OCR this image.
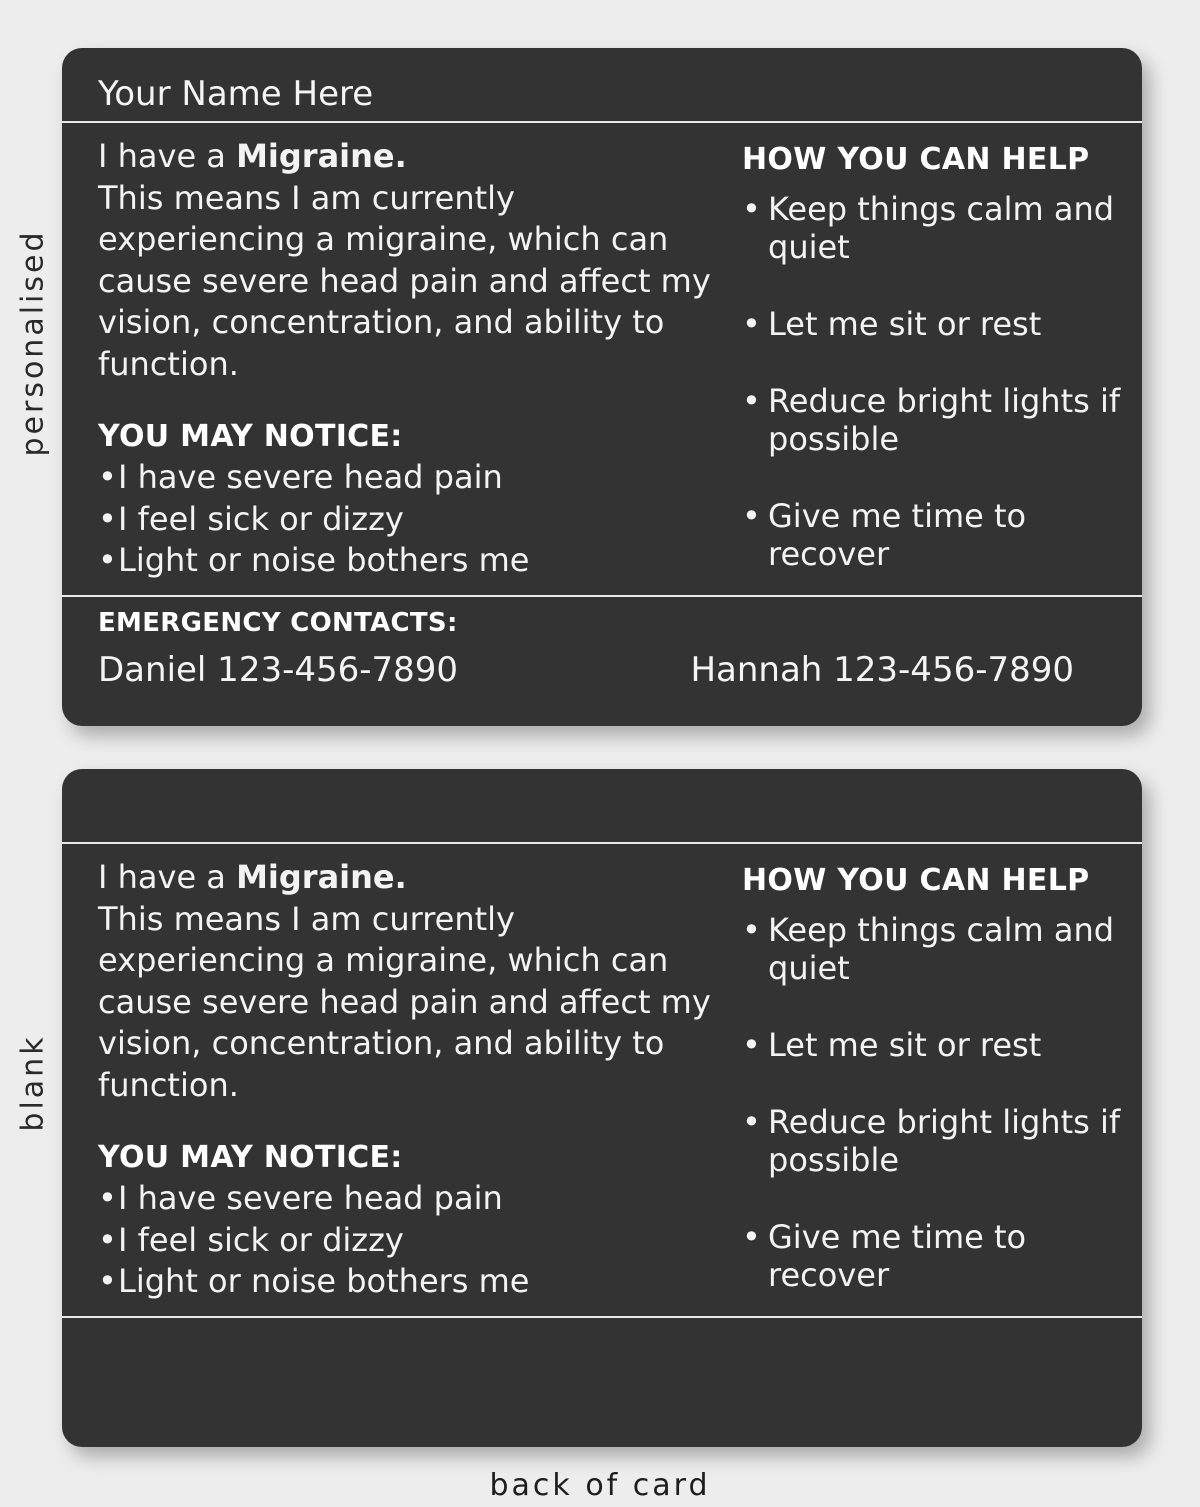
personalised
blank
Your Name Here

I have a Migraine.
This means I am currently experiencing a migraine, which can cause severe head pain and affect my vision, concentration, and ability to function.

YOU MAY NOTICE:
•I have severe head pain
•I feel sick or dizzy
•Light or noise bothers me
HOW YOU CAN HELP
• Keep things calm and quiet
• Let me sit or rest
• Reduce bright lights if possible
• Give me time to recover
EMERGENCY CONTACTS:
Daniel 123-456-7890	Hannah 123-456-7890

I have a Migraine.
This means I am currently experiencing a migraine, which can cause severe head pain and affect my vision, concentration, and ability to function.

YOU MAY NOTICE:
•I have severe head pain
•I feel sick or dizzy
•Light or noise bothers me
HOW YOU CAN HELP
• Keep things calm and quiet
• Let me sit or rest
• Reduce bright lights if possible
• Give me time to recover
back of card
